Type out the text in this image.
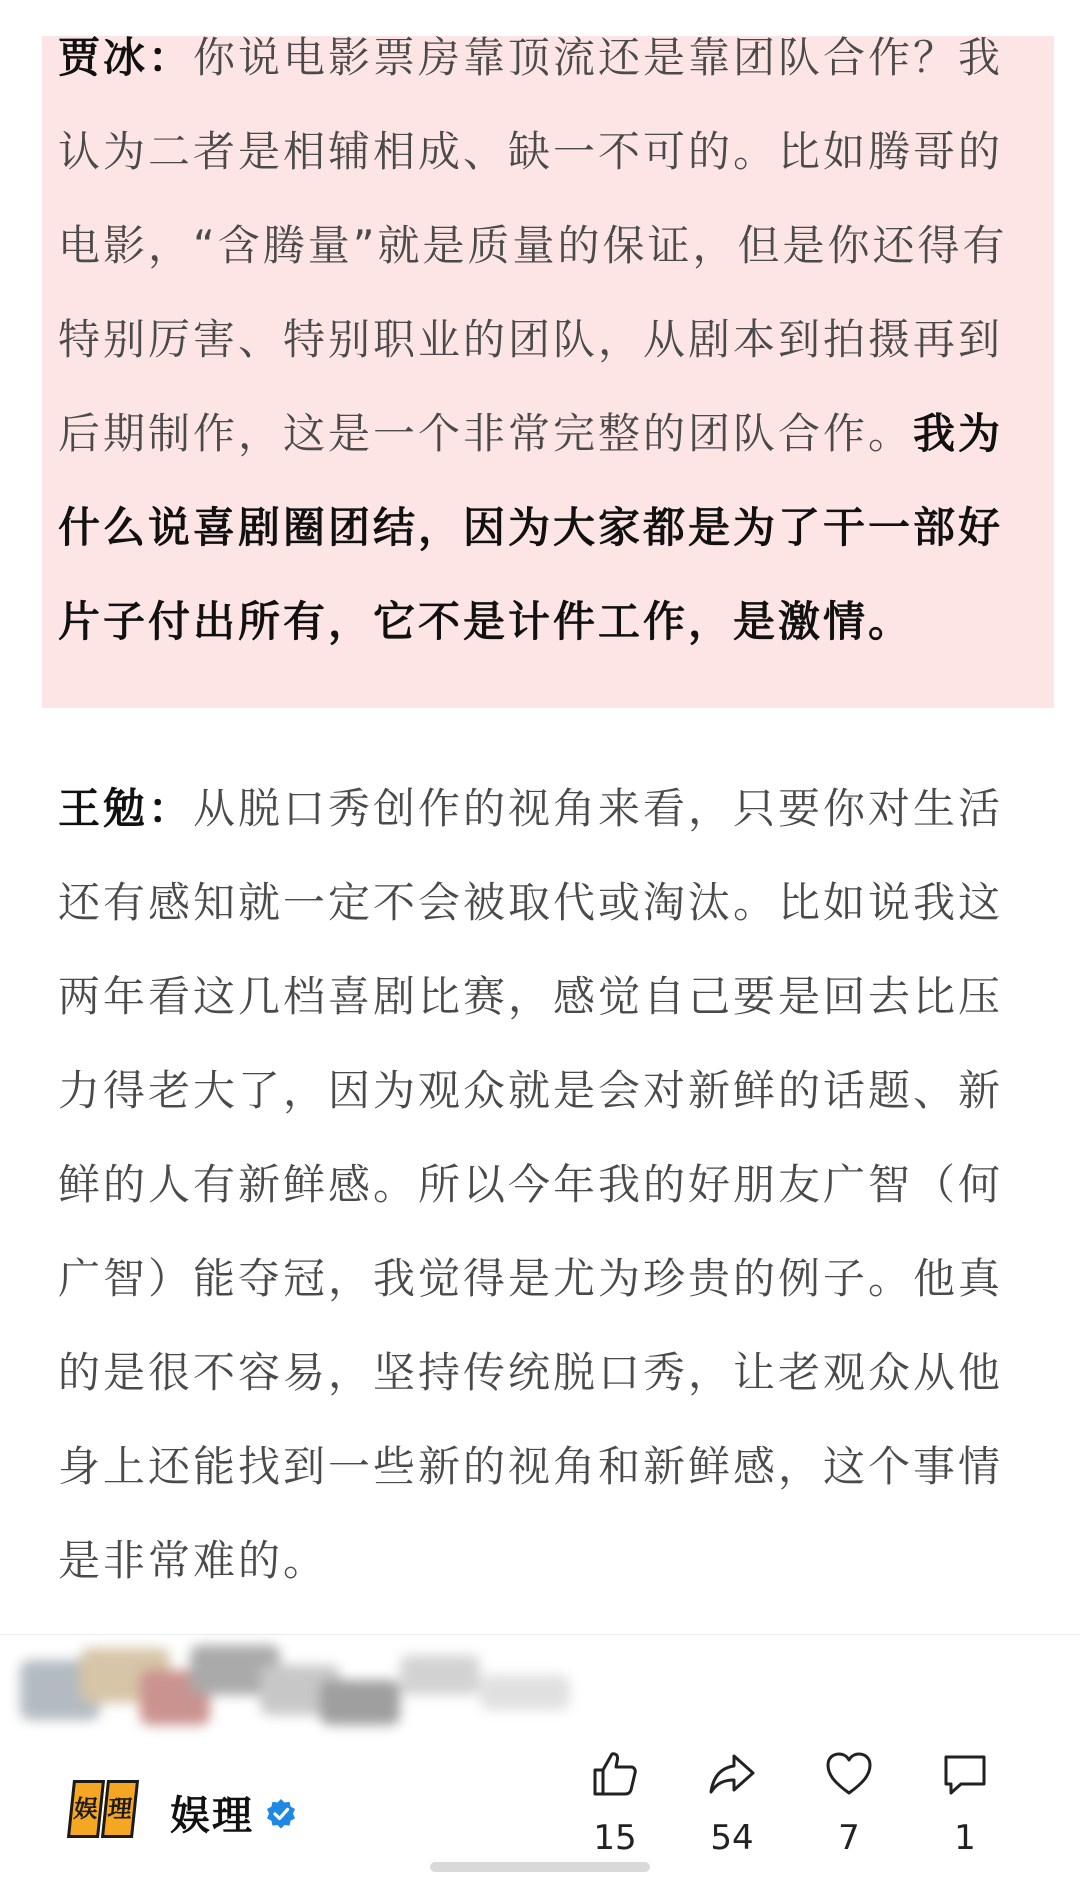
贾冰：你说电影票房靠顶流还是靠团队合作？我认为二者是相辅相成、缺一不可的。比如腾哥的电影，“含腾量”就是质量的保证，但是你还得有特别厉害、特别职业的团队，从剧本到拍摄再到后期制作，这是一个非常完整的团队合作。我为什么说喜剧圈团结，因为大家都是为了干一部好片子付出所有，它不是计件工作，是激情。

王勉：从脱口秀创作的视角来看，只要你对生活还有感知就一定不会被取代或淘汰。比如说我这两年看这几档喜剧比赛，感觉自己要是回去比压力得老大了，因为观众就是会对新鲜的话题、新鲜的人有新鲜感。所以今年我的好朋友广智（何广智）能夺冠，我觉得是尤为珍贵的例子。他真的是很不容易，坚持传统脱口秀，让老观众从他身上还能找到一些新的视角和新鲜感，这个事情是非常难的。

娱 理 娱理	15	54	7	1
